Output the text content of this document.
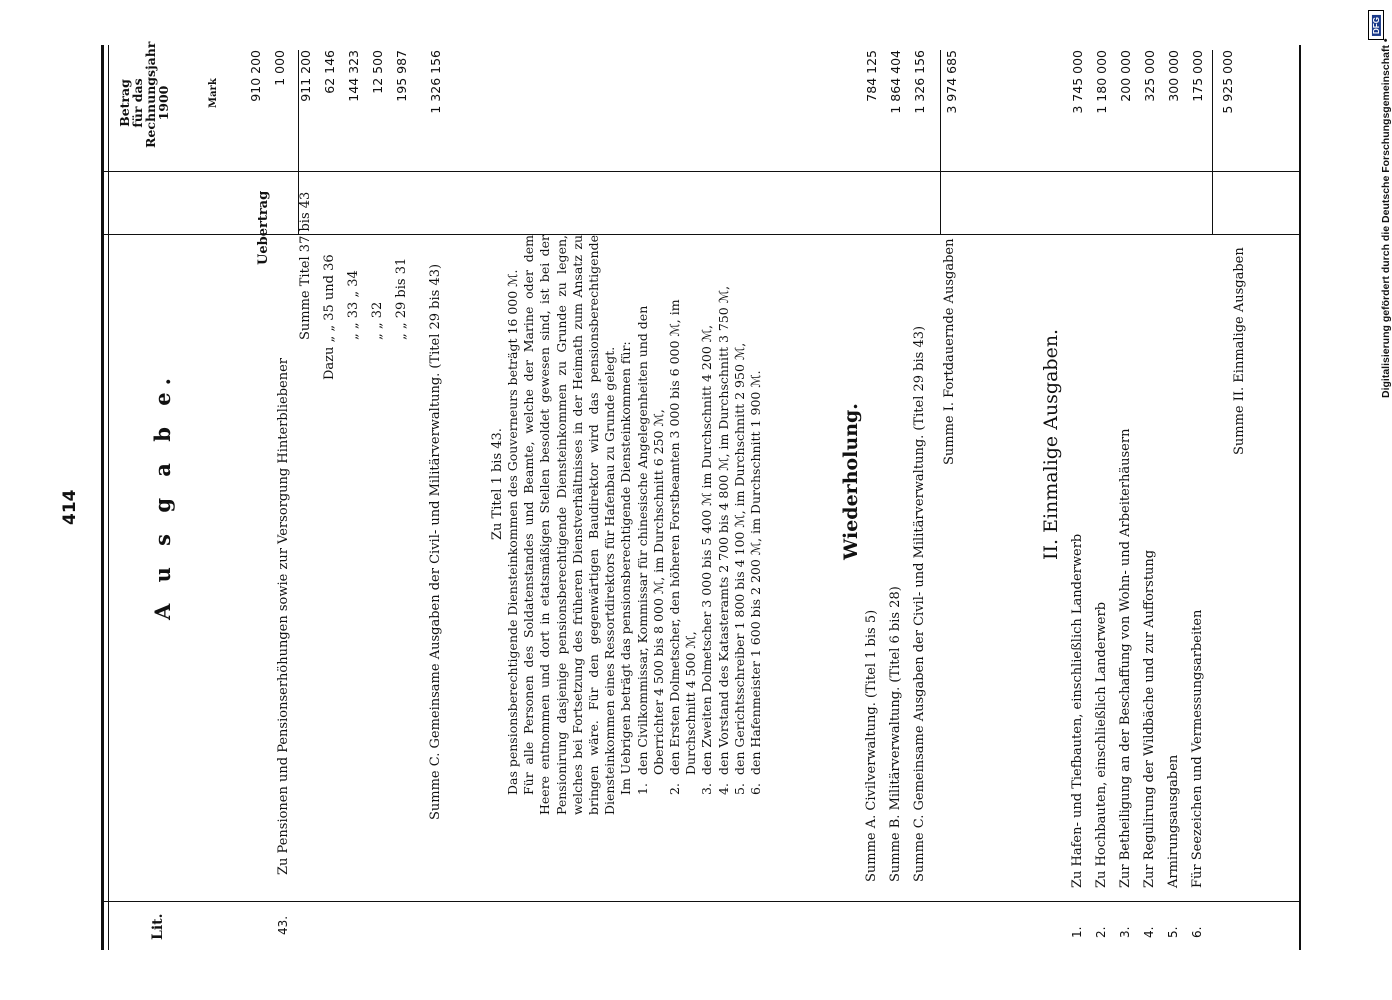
414
Lit.
A u s g a b e.
Betrag
für das
Rechnungsjahr
1900	Mark
43.
Zu Pensionen und Pensionserhöhungen sowie zur Versorgung Hinterbliebener
Uebertrag
910 200 1 000
Summe Titel 37 bis 43
911 200
Dazu „ „ 35 und 36
62 146
„ „ 33 „ 34
144 323
„ „ 32
12 500
„ „ 29 bis 31
195 987
Summe C. Gemeinsame Ausgaben der Civil- und Militärverwaltung. (Titel 29 bis 43)
1 326 156
Zu Titel 1 bis 43. Das pensionsberechtigende Diensteinkommen des Gouverneurs beträgt 16 000 ℳ. Für alle Personen des Soldatenstandes und Beamte, welche der Marine oder dem Heere entnommen und dort in etatsmäßigen Stellen besoldet gewesen sind, ist bei der Pensionirung dasjenige pensionsberechtigende Diensteinkommen zu Grunde zu legen, welches bei Fortsetzung des früheren Dienstverhältnisses in der Heimath zum Ansatz zu bringen wäre. Für den gegenwärtigen Baudirektor wird das pensionsberechtigende Diensteinkommen eines Ressortdirektors für Hafenbau zu Grunde gelegt. Im Uebrigen beträgt das pensionsberechtigende Diensteinkommen für: 1.
den Civilkommissar, Kommissar für chinesische Angelegenheiten und den Oberrichter 4 500 bis 8 000 ℳ, im Durchschnitt 6 250 ℳ,
2.
den Ersten Dolmetscher, den höheren Forstbeamten 3 000 bis 6 000 ℳ, im Durchschnitt 4 500 ℳ,
3.
den Zweiten Dolmetscher 3 000 bis 5 400 ℳ im Durchschnitt 4 200 ℳ,
4.
den Vorstand des Katasteramts 2 700 bis 4 800 ℳ, im Durchschnitt 3 750 ℳ,
5.
den Gerichtsschreiber 1 800 bis 4 100 ℳ, im Durchschnitt 2 950 ℳ,
6.
den Hafenmeister 1 600 bis 2 200 ℳ, im Durchschnitt 1 900 ℳ.	Wiederholung.
Summe A. Civilverwaltung. (Titel 1 bis 5)
784 125
Summe B. Militärverwaltung. (Titel 6 bis 28)
1 864 404
Summe C. Gemeinsame Ausgaben der Civil- und Militärverwaltung. (Titel 29 bis 43)
1 326 156
Summe I. Fortdauernde Ausgaben
3 974 685
II. Einmalige Ausgaben.
1.
Zu Hafen- und Tiefbauten, einschließlich Landerwerb
3 745 000
2.
Zu Hochbauten, einschließlich Landerwerb
1 180 000
3.
Zur Betheiligung an der Beschaffung von Wohn- und Arbeiterhäusern
200 000
4.
Zur Regulirung der Wildbäche und zur Aufforstung
325 000
5.
Armirungsausgaben
300 000
6.
Für Seezeichen und Vermessungsarbeiten
175 000
Summe II. Einmalige Ausgaben
5 925 000
DFG
Digitalisierung gefördert durch die Deutsche Forschungsgemeinschaft •
